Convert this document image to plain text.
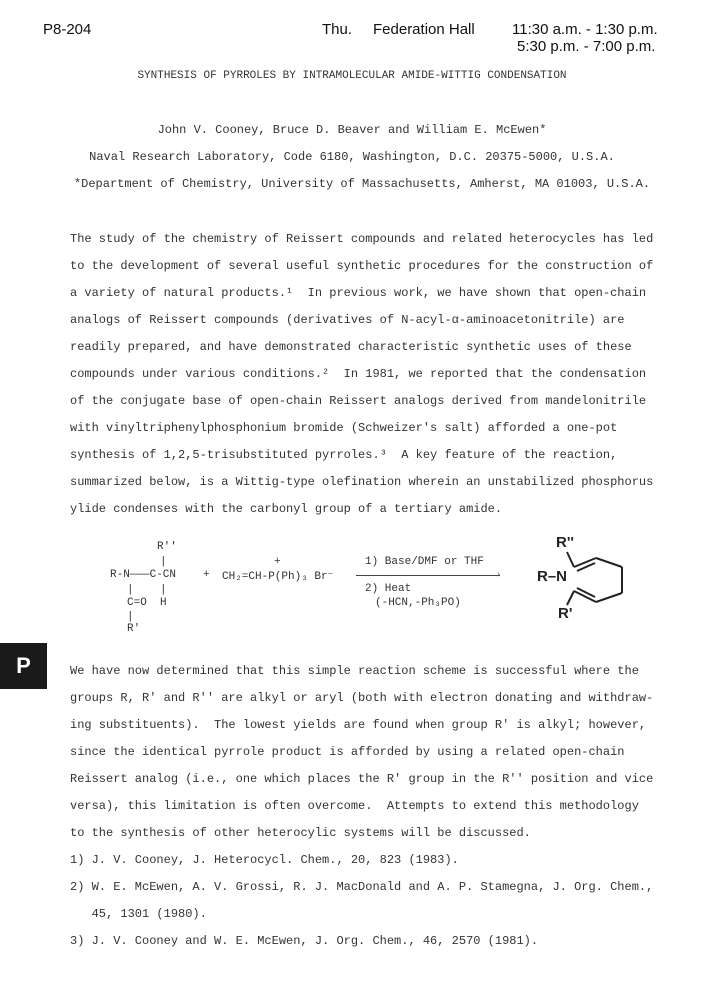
P8-204	Thu. Federation Hall 11:30 a.m. - 1:30 p.m.
5:30 p.m. - 7:00 p.m.
SYNTHESIS OF PYRROLES BY INTRAMOLECULAR AMIDE-WITTIG CONDENSATION
John V. Cooney, Bruce D. Beaver and William E. McEwen*
Naval Research Laboratory, Code 6180, Washington, D.C. 20375-5000, U.S.A.
*Department of Chemistry, University of Massachusetts, Amherst, MA 01003, U.S.A.
The study of the chemistry of Reissert compounds and related heterocycles has led
to the development of several useful synthetic procedures for the construction of
a variety of natural products.¹  In previous work, we have shown that open-chain
analogs of Reissert compounds (derivatives of N-acyl-α-aminoacetonitrile) are
readily prepared, and have demonstrated characteristic synthetic uses of these
compounds under various conditions.²  In 1981, we reported that the condensation
of the conjugate base of open-chain Reissert analogs derived from mandelonitrile
with vinyltriphenylphosphonium bromide (Schweizer's salt) afforded a one-pot
synthesis of 1,2,5-trisubstituted pyrroles.³  A key feature of the reaction,
summarized below, is a Wittig-type olefination wherein an unstabilized phosphorus
ylide condenses with the carbonyl group of a tertiary amide.
R''
|
R-N———C-CN
|    |
C=O  H
|
R'
+
+
CH₂=CH-P(Ph)₃ Br⁻
1) Base/DMF or THF
›
2) Heat
(-HCN,-Ph₃PO)
R''
R–N
R'
P	We have now determined that this simple reaction scheme is successful where the
groups R, R' and R'' are alkyl or aryl (both with electron donating and withdraw-
ing substituents).  The lowest yields are found when group R' is alkyl; however,
since the identical pyrrole product is afforded by using a related open-chain
Reissert analog (i.e., one which places the R' group in the R'' position and vice
versa), this limitation is often overcome.  Attempts to extend this methodology
to the synthesis of other heterocylic systems will be discussed.
1) J. V. Cooney, J. Heterocycl. Chem., 20, 823 (1983).
2) W. E. McEwen, A. V. Grossi, R. J. MacDonald and A. P. Stamegna, J. Org. Chem.,
45, 1301 (1980).
3) J. V. Cooney and W. E. McEwen, J. Org. Chem., 46, 2570 (1981).
